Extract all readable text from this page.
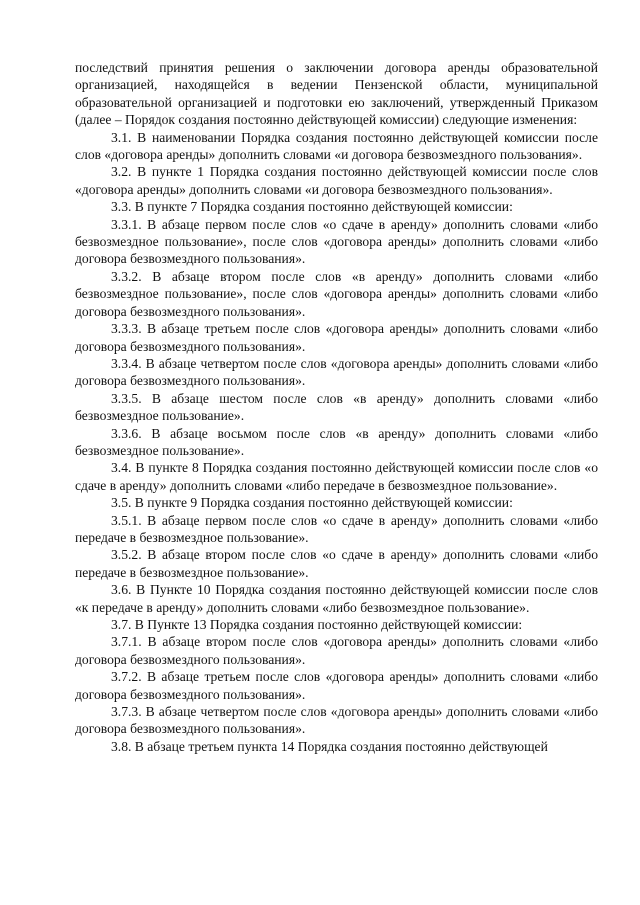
последствий принятия решения о заключении договора аренды образовательной организацией, находящейся в ведении Пензенской области, муниципальной образовательной организацией и подготовки ею заключений, утвержденный Приказом (далее – Порядок создания постоянно действующей комиссии) следующие изменения:

3.1. В наименовании Порядка создания постоянно действующей комиссии после слов «договора аренды» дополнить словами «и договора безвозмездного пользования».

3.2. В пункте 1 Порядка создания постоянно действующей комиссии после слов «договора аренды» дополнить словами «и договора безвозмездного пользования».

3.3. В пункте 7 Порядка создания постоянно действующей комиссии:

3.3.1. В абзаце первом после слов «о сдаче в аренду» дополнить словами «либо безвозмездное пользование», после слов «договора аренды» дополнить словами «либо договора безвозмездного пользования».

3.3.2. В абзаце втором после слов «в аренду» дополнить словами «либо безвозмездное пользование», после слов «договора аренды» дополнить словами «либо договора безвозмездного пользования».

3.3.3. В абзаце третьем после слов «договора аренды» дополнить словами «либо договора безвозмездного пользования».

3.3.4. В абзаце четвертом после слов «договора аренды» дополнить словами «либо договора безвозмездного пользования».

3.3.5. В абзаце шестом после слов «в аренду» дополнить словами «либо безвозмездное пользование».

3.3.6. В абзаце восьмом после слов «в аренду» дополнить словами «либо безвозмездное пользование».

3.4. В пункте 8 Порядка создания постоянно действующей комиссии после слов «о сдаче в аренду» дополнить словами «либо передаче в безвозмездное пользование».

3.5. В пункте 9 Порядка создания постоянно действующей комиссии:

3.5.1. В абзаце первом после слов «о сдаче в аренду» дополнить словами «либо передаче в безвозмездное пользование».

3.5.2. В абзаце втором после слов «о сдаче в аренду» дополнить словами «либо передаче в безвозмездное пользование».

3.6. В Пункте 10 Порядка создания постоянно действующей комиссии после слов «к передаче в аренду» дополнить словами «либо безвозмездное пользование».

3.7. В Пункте 13 Порядка создания постоянно действующей комиссии:

3.7.1. В абзаце втором после слов «договора аренды» дополнить словами «либо договора безвозмездного пользования».

3.7.2. В абзаце третьем после слов «договора аренды» дополнить словами «либо договора безвозмездного пользования».

3.7.3. В абзаце четвертом после слов «договора аренды» дополнить словами «либо договора безвозмездного пользования».

3.8. В абзаце третьем пункта 14 Порядка создания постоянно действующей
